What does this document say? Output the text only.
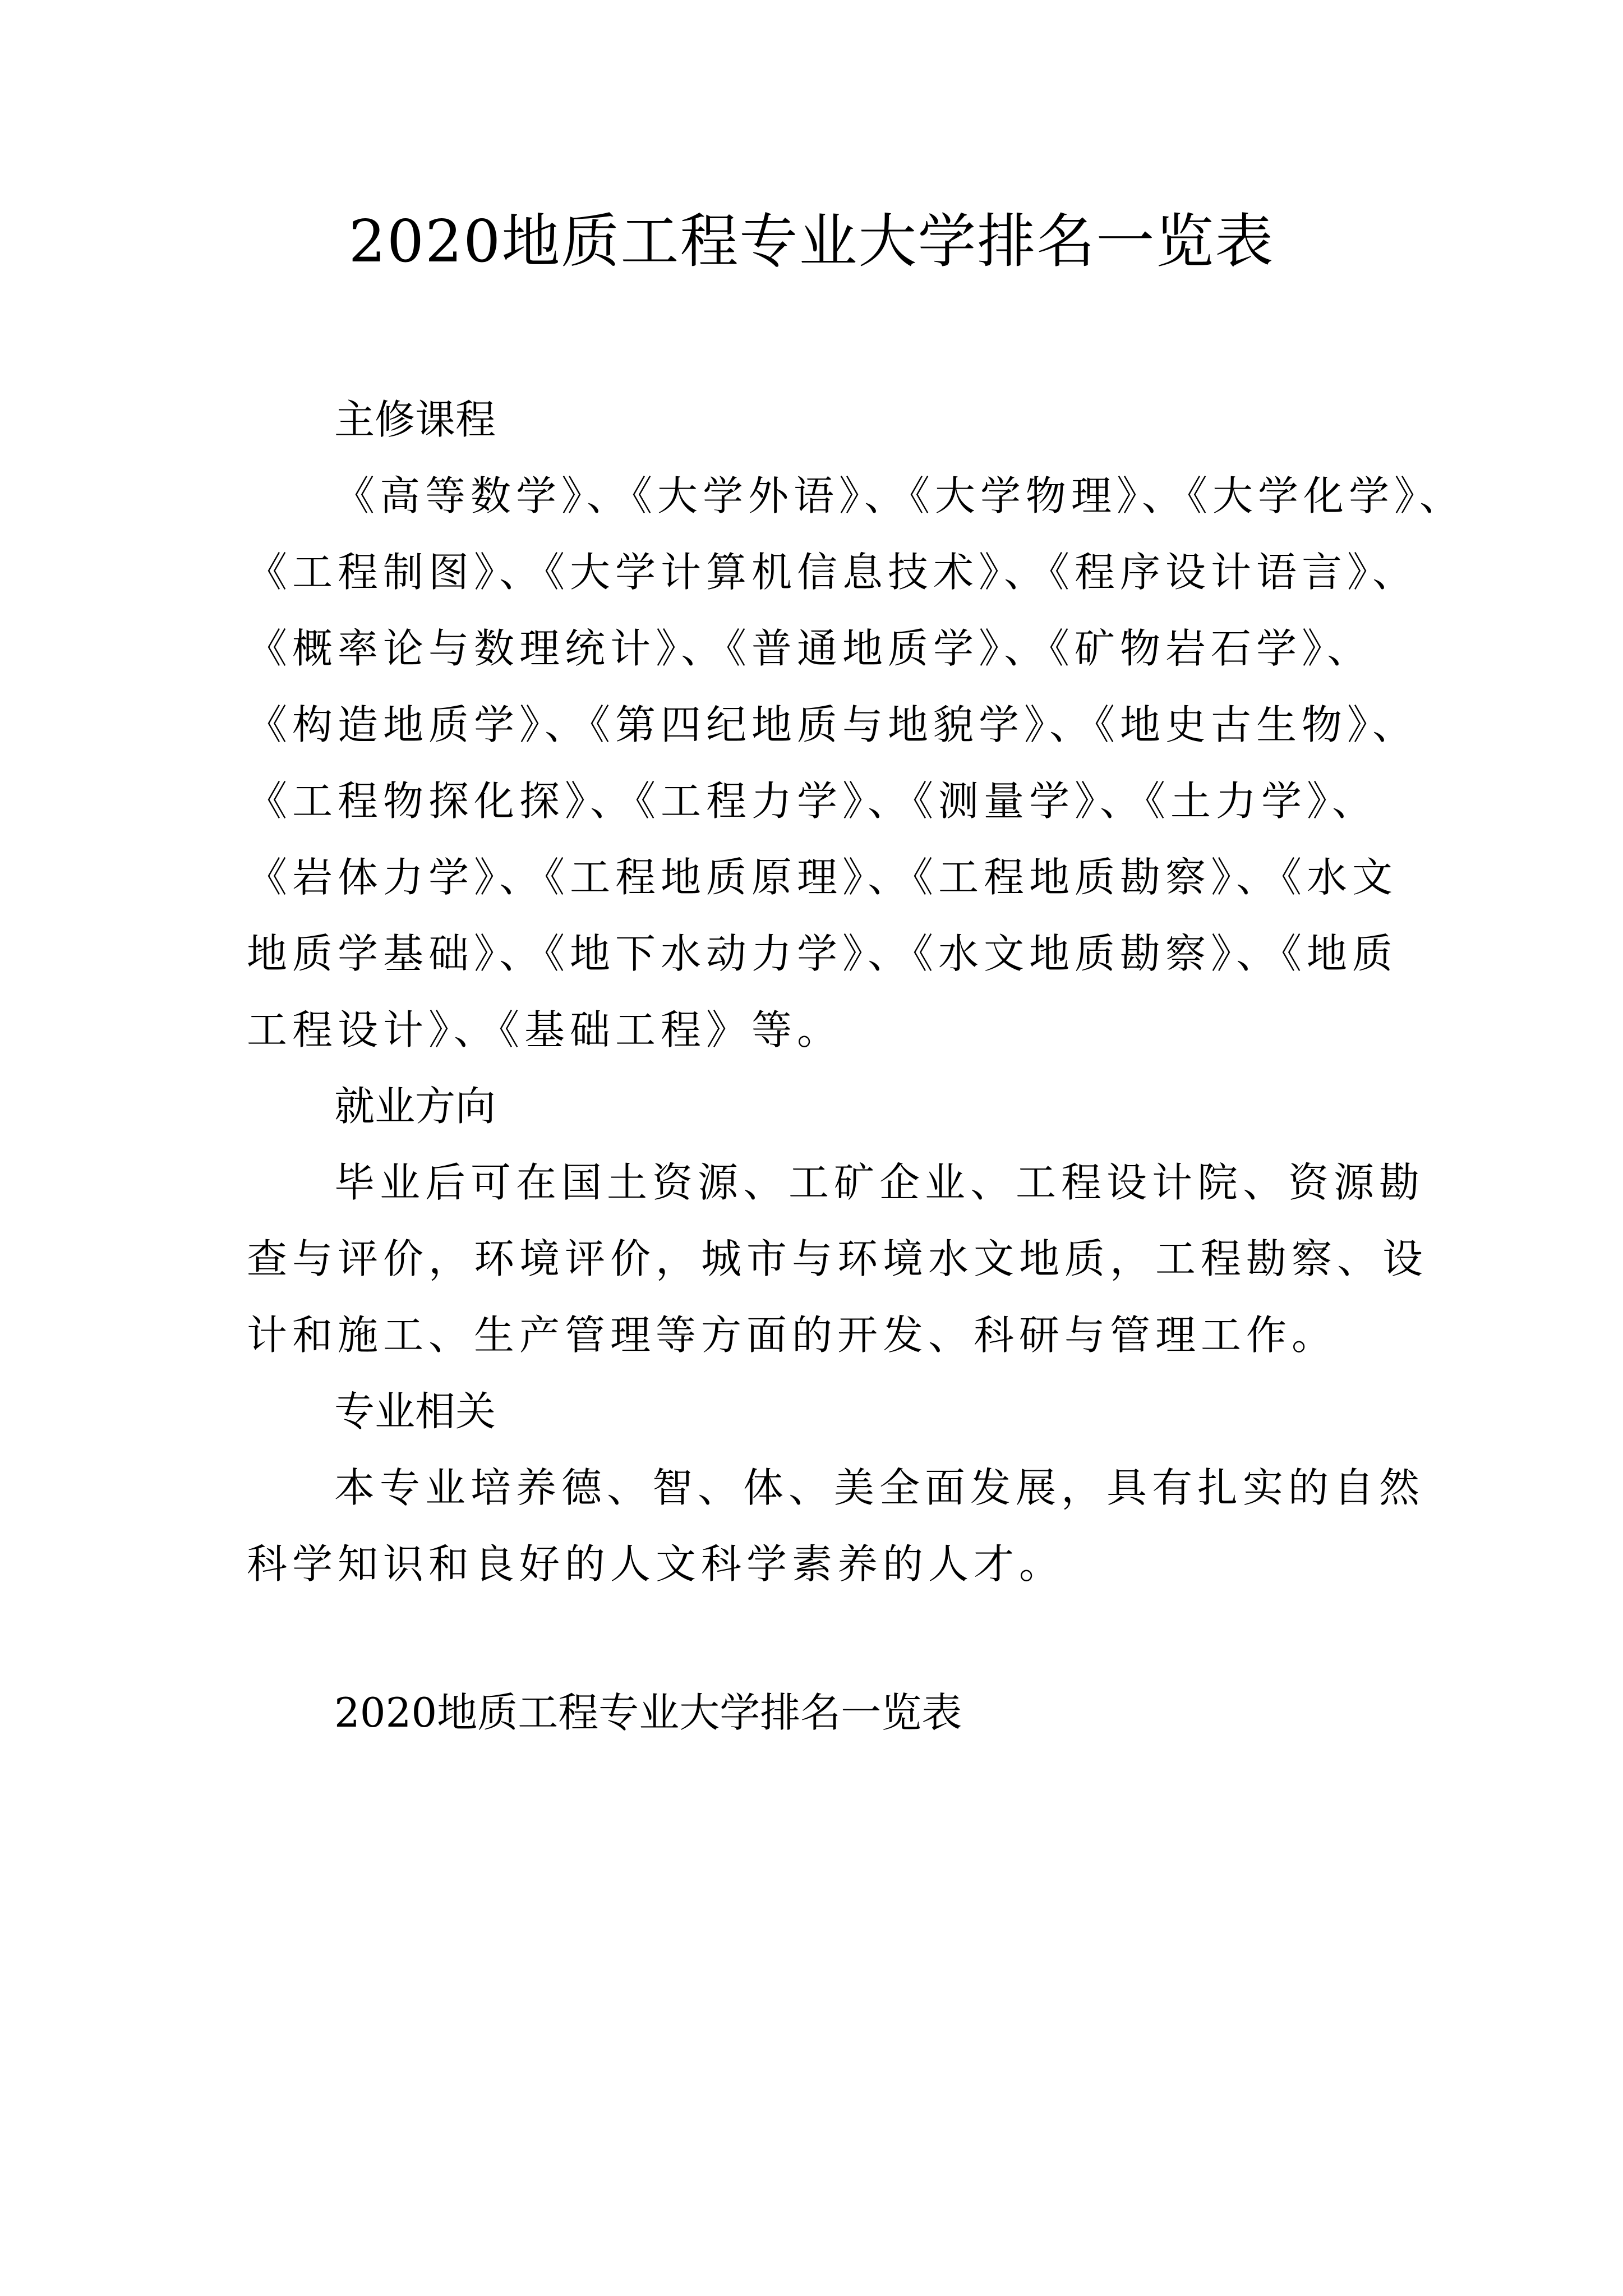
2020地质工程专业大学排名一览表
主修课程
《高等数学》、《大学外语》、《大学物理》、《大学化学》、
《工程制图》、《大学计算机信息技术》、《程序设计语言》、
《概率论与数理统计》、《普通地质学》、《矿物岩石学》、
《构造地质学》、《第四纪地质与地貌学》、《地史古生物》、
《工程物探化探》、《工程力学》、《测量学》、《土力学》、
《岩体力学》、《工程地质原理》、《工程地质勘察》、《水文
地质学基础》、《地下水动力学》、《水文地质勘察》、《地质
工程设计》、《基础工程》等。
就业方向
毕业后可在国土资源、工矿企业、工程设计院、资源勘
查与评价，环境评价，城市与环境水文地质，工程勘察、设
计和施工、生产管理等方面的开发、科研与管理工作。
专业相关
本专业培养德、智、体、美全面发展，具有扎实的自然
科学知识和良好的人文科学素养的人才。
2020地质工程专业大学排名一览表
